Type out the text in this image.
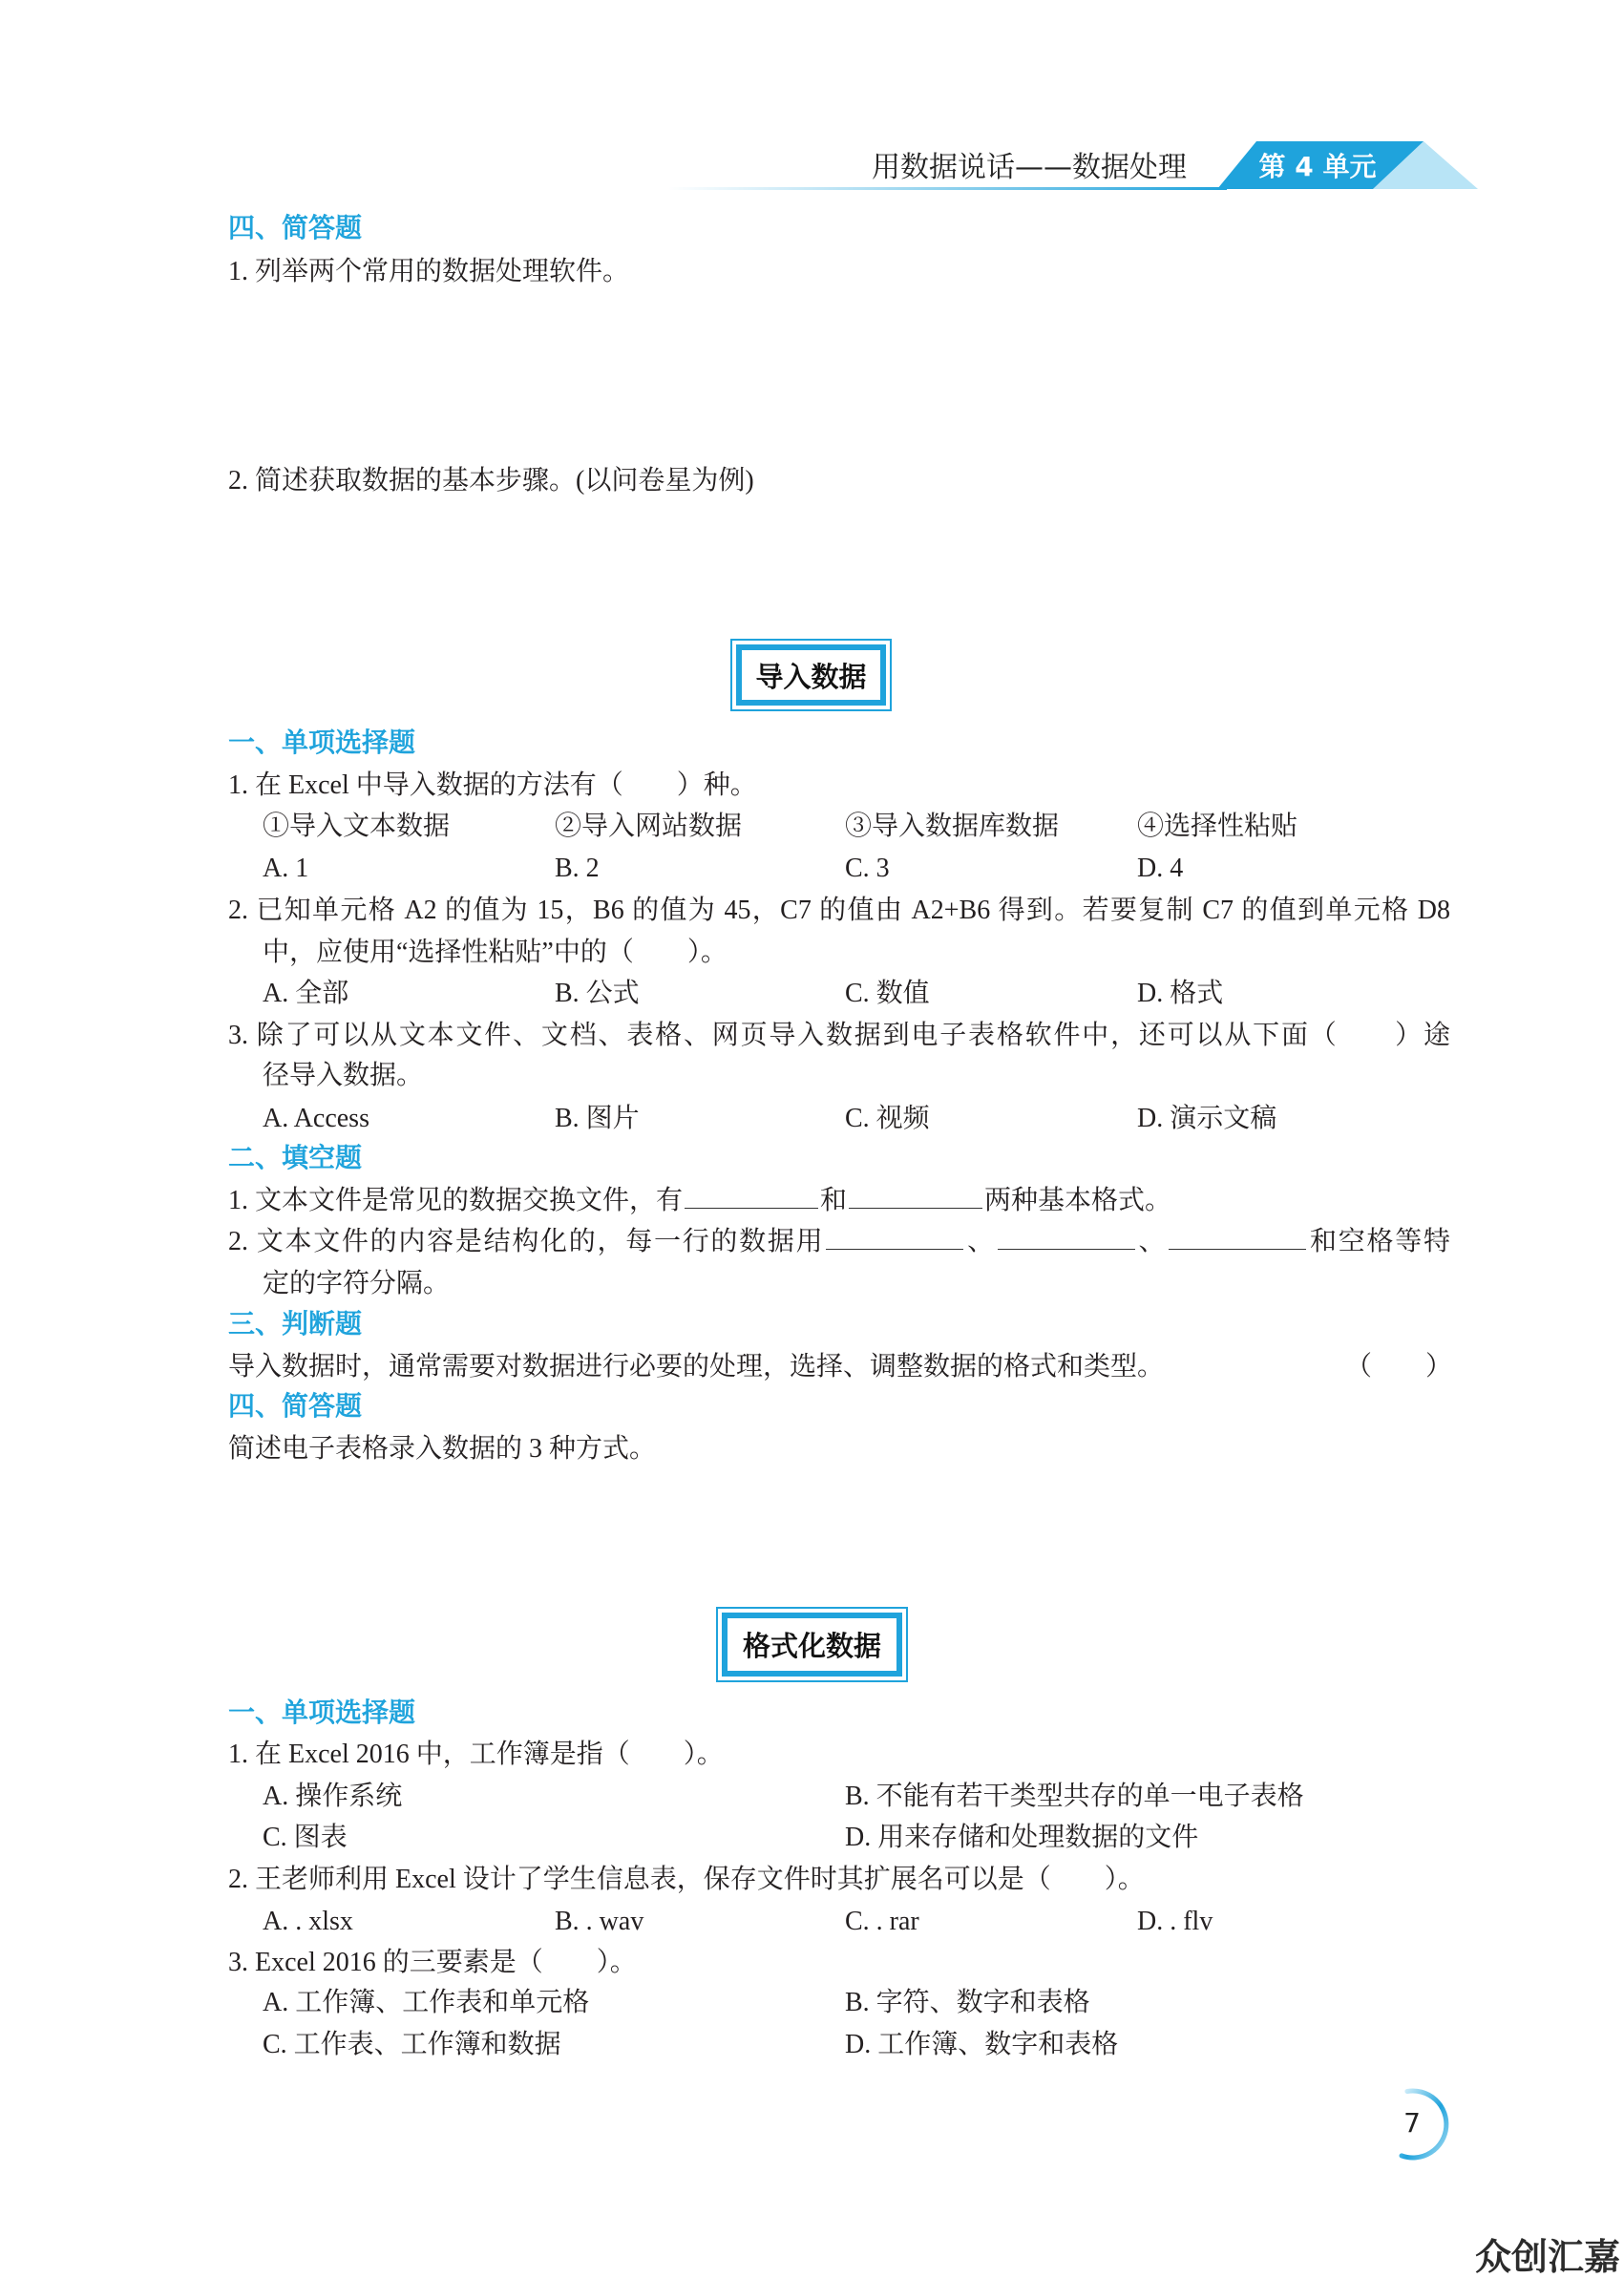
用数据说话——数据处理	第 4 单元
四、简答题
1. 列举两个常用的数据处理软件。
2. 简述获取数据的基本步骤。(以问卷星为例)
导入数据
一、单项选择题
1. 在 Excel 中导入数据的方法有（　　）种。
①导入文本数据	②导入网站数据	③导入数据库数据	④选择性粘贴
A. 1	B. 2	C. 3	D. 4
2. 已知单元格 A2 的值为 15，B6 的值为 45，C7 的值由 A2+B6 得到。若要复制 C7 的值到单元格 D8
中，应使用“选择性粘贴”中的（　　）。
A. 全部	B. 公式	C. 数值	D. 格式
3. 除了可以从文本文件、文档、表格、网页导入数据到电子表格软件中，还可以从下面（　　）途
径导入数据。
A. Access	B. 图片	C. 视频	D. 演示文稿
二、填空题
1. 文本文件是常见的数据交换文件，有	和	两种基本格式。
2. 文本文件的内容是结构化的，每一行的数据用	、	、	和空格等特
定的字符分隔。
三、判断题
导入数据时，通常需要对数据进行必要的处理，选择、调整数据的格式和类型。	（　　）
四、简答题
简述电子表格录入数据的 3 种方式。
格式化数据
一、单项选择题
1. 在 Excel 2016 中，工作簿是指（　　）。
A. 操作系统	B. 不能有若干类型共存的单一电子表格
C. 图表	D. 用来存储和处理数据的文件
2. 王老师利用 Excel 设计了学生信息表，保存文件时其扩展名可以是（　　）。
A. . xlsx	B. . wav	C. . rar	D. . flv
3. Excel 2016 的三要素是（　　）。
A. 工作簿、工作表和单元格	B. 字符、数字和表格
C. 工作表、工作簿和数据	D. 工作簿、数字和表格
7
众创汇嘉
